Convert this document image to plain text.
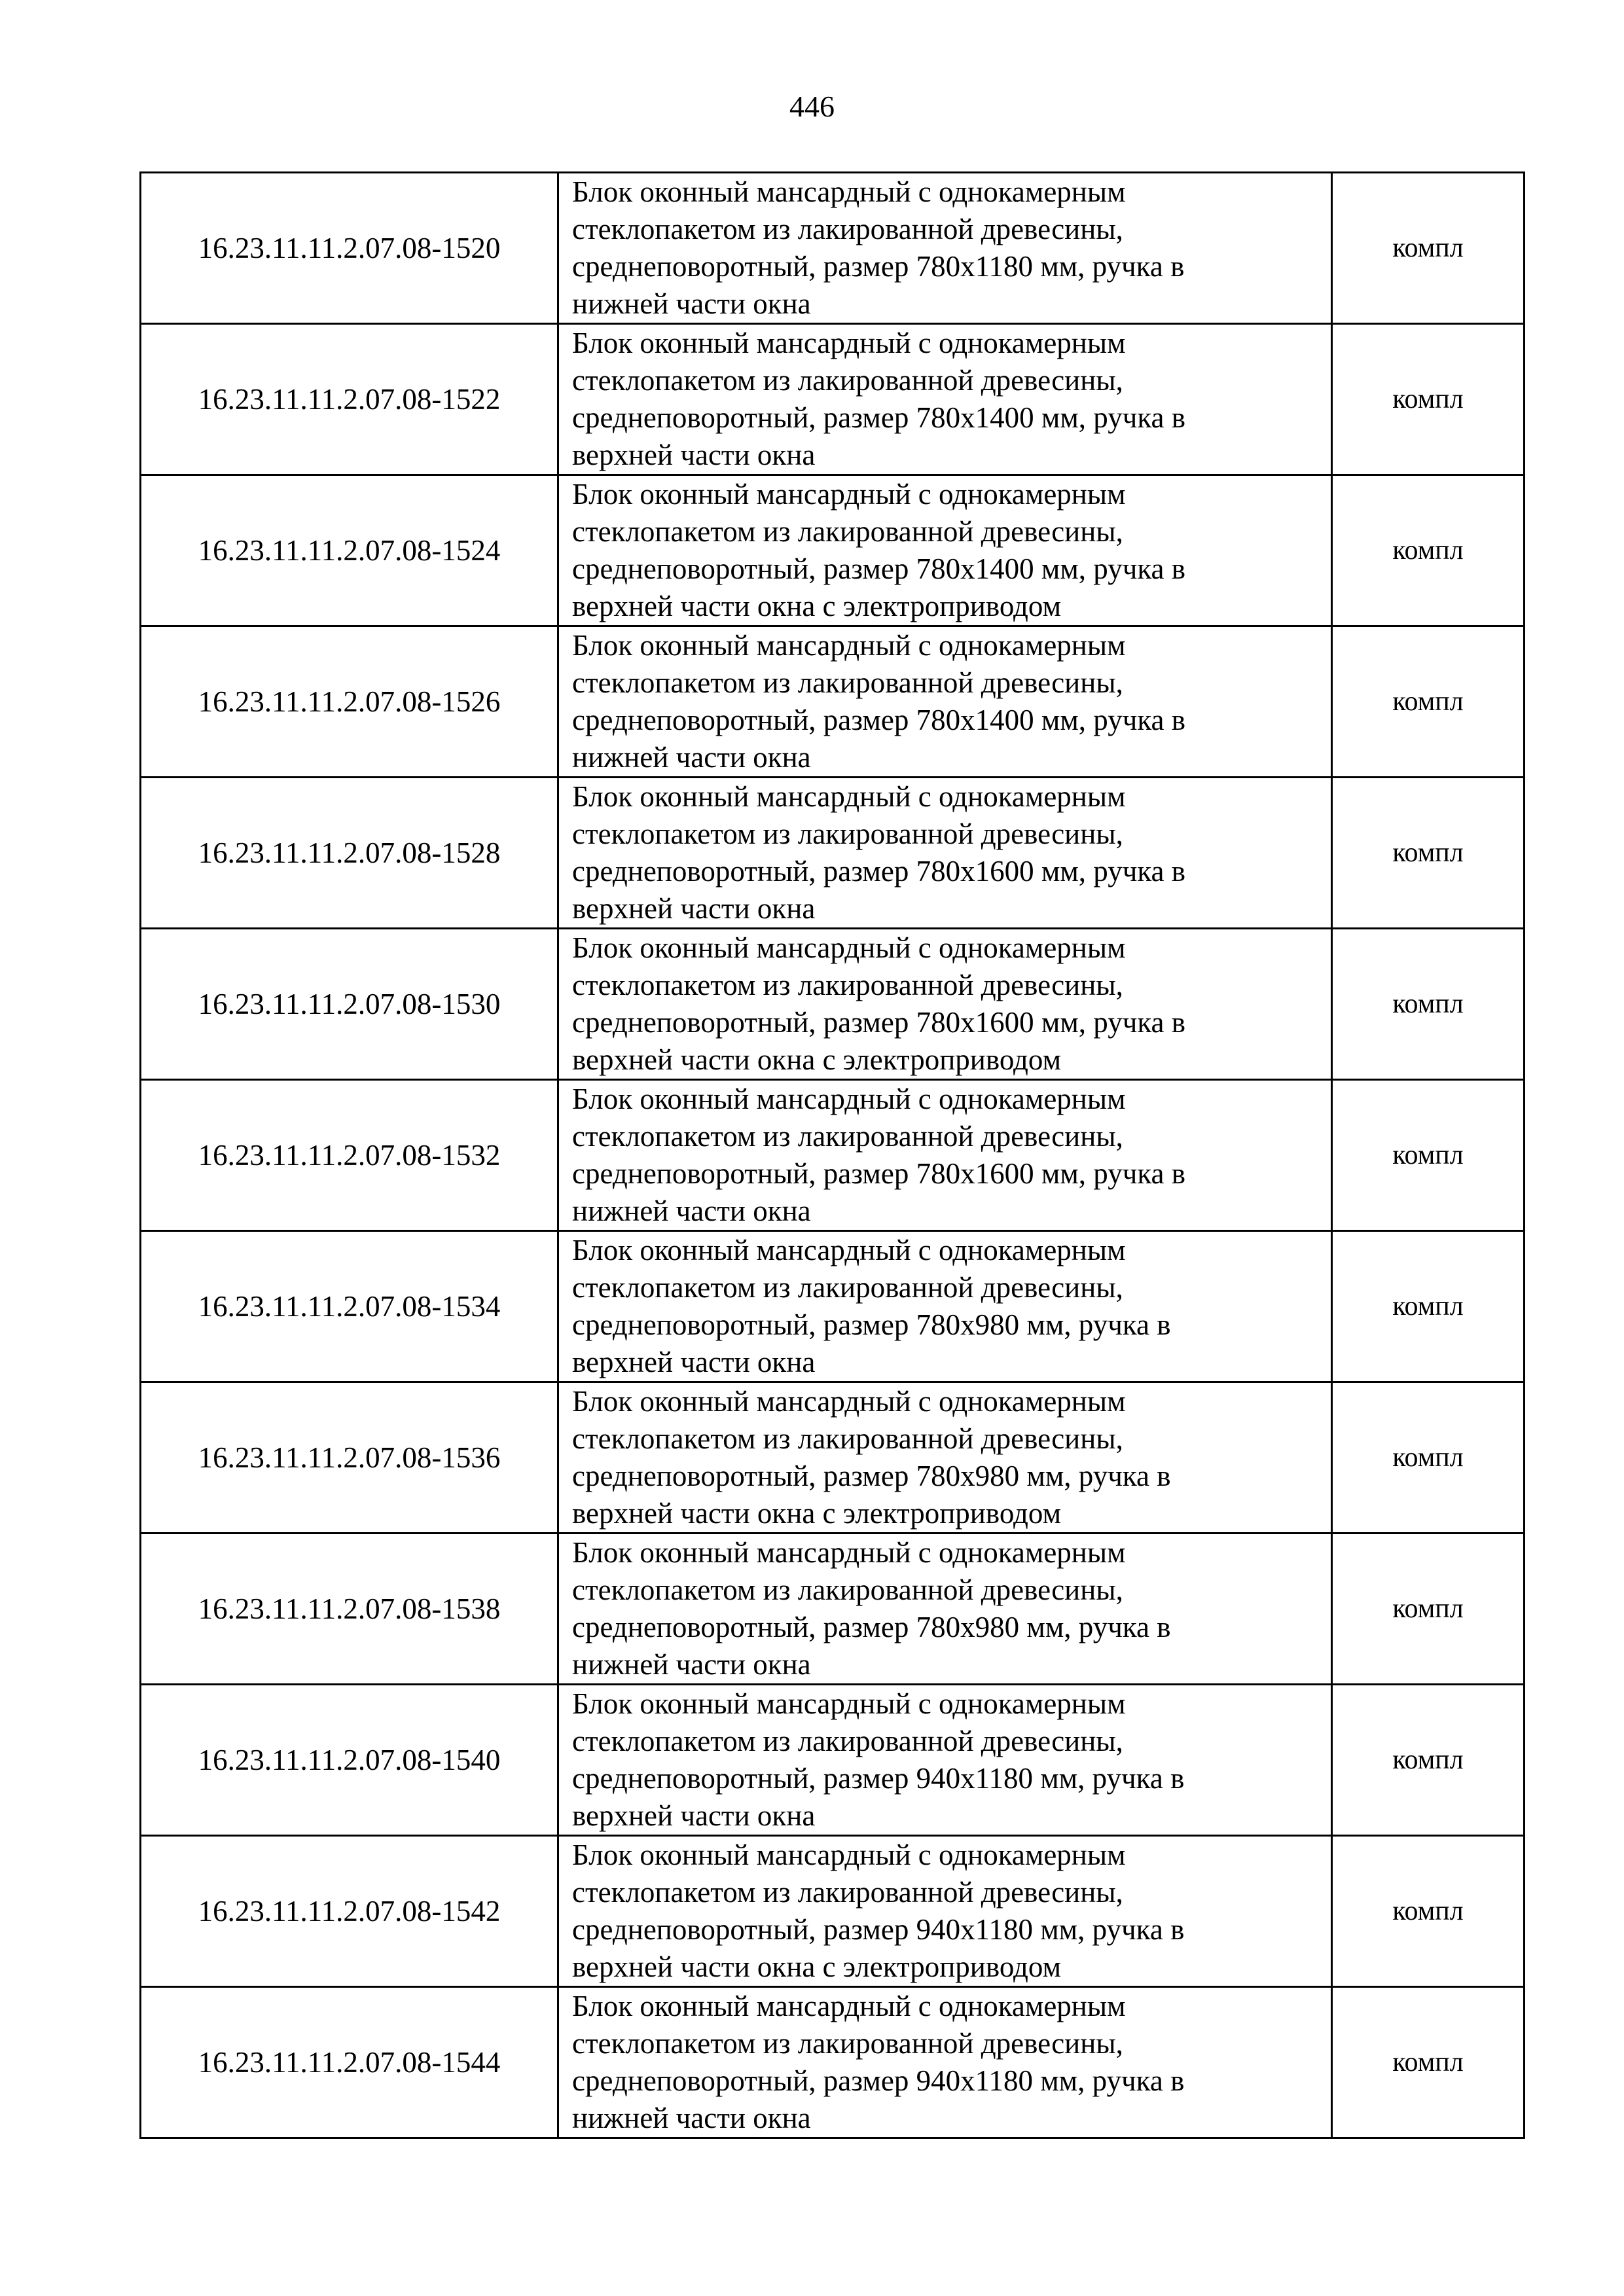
446
16.23.11.11.2.07.08-1520	Блок оконный мансардный с однокамерным
стеклопакетом из лакированной древесины,
среднеповоротный, размер 780х1180 мм, ручка в
нижней части окна	компл
16.23.11.11.2.07.08-1522	Блок оконный мансардный с однокамерным
стеклопакетом из лакированной древесины,
среднеповоротный, размер 780х1400 мм, ручка в
верхней части окна	компл
16.23.11.11.2.07.08-1524	Блок оконный мансардный с однокамерным
стеклопакетом из лакированной древесины,
среднеповоротный, размер 780х1400 мм, ручка в
верхней части окна с электроприводом	компл
16.23.11.11.2.07.08-1526	Блок оконный мансардный с однокамерным
стеклопакетом из лакированной древесины,
среднеповоротный, размер 780х1400 мм, ручка в
нижней части окна	компл
16.23.11.11.2.07.08-1528	Блок оконный мансардный с однокамерным
стеклопакетом из лакированной древесины,
среднеповоротный, размер 780х1600 мм, ручка в
верхней части окна	компл
16.23.11.11.2.07.08-1530	Блок оконный мансардный с однокамерным
стеклопакетом из лакированной древесины,
среднеповоротный, размер 780х1600 мм, ручка в
верхней части окна с электроприводом	компл
16.23.11.11.2.07.08-1532	Блок оконный мансардный с однокамерным
стеклопакетом из лакированной древесины,
среднеповоротный, размер 780х1600 мм, ручка в
нижней части окна	компл
16.23.11.11.2.07.08-1534	Блок оконный мансардный с однокамерным
стеклопакетом из лакированной древесины,
среднеповоротный, размер 780х980 мм, ручка в
верхней части окна	компл
16.23.11.11.2.07.08-1536	Блок оконный мансардный с однокамерным
стеклопакетом из лакированной древесины,
среднеповоротный, размер 780х980 мм, ручка в
верхней части окна с электроприводом	компл
16.23.11.11.2.07.08-1538	Блок оконный мансардный с однокамерным
стеклопакетом из лакированной древесины,
среднеповоротный, размер 780х980 мм, ручка в
нижней части окна	компл
16.23.11.11.2.07.08-1540	Блок оконный мансардный с однокамерным
стеклопакетом из лакированной древесины,
среднеповоротный, размер 940х1180 мм, ручка в
верхней части окна	компл
16.23.11.11.2.07.08-1542	Блок оконный мансардный с однокамерным
стеклопакетом из лакированной древесины,
среднеповоротный, размер 940х1180 мм, ручка в
верхней части окна с электроприводом	компл
16.23.11.11.2.07.08-1544	Блок оконный мансардный с однокамерным
стеклопакетом из лакированной древесины,
среднеповоротный, размер 940х1180 мм, ручка в
нижней части окна	компл
